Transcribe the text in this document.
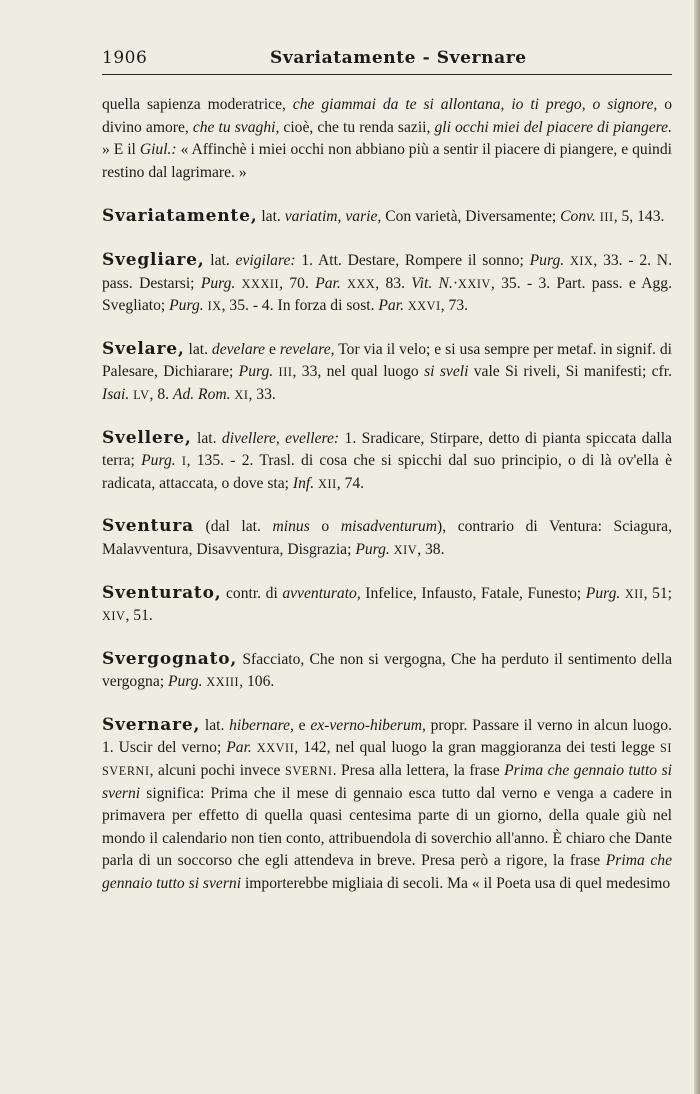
1906	Svariatamente - Svernare

quella sapienza moderatrice, che giammai da te si allontana, io ti prego, o signore, o divino amore, che tu svaghi, cioè, che tu renda sazii, gli occhi miei del piacere di piangere. » E il Giul.: « Affinchè i miei occhi non abbiano più a sentir il piacere di piangere, e quindi restino dal lagrimare. »

Svariatamente, lat. variatim, varie, Con varietà, Diversamente; Conv. III, 5, 143.

Svegliare, lat. evigilare: 1. Att. Destare, Rompere il sonno; Purg. XIX, 33. - 2. N. pass. Destarsi; Purg. XXXII, 70. Par. XXX, 83. Vit. N.·XXIV, 35. - 3. Part. pass. e Agg. Svegliato; Purg. IX, 35. - 4. In forza di sost. Par. XXVI, 73.

Svelare, lat. develare e revelare, Tor via il velo; e si usa sempre per metaf. in signif. di Palesare, Dichiarare; Purg. III, 33, nel qual luogo si sveli vale Si riveli, Si manifesti; cfr. Isai. LV, 8. Ad. Rom. XI, 33.

Svellere, lat. divellere, evellere: 1. Sradicare, Stirpare, detto di pianta spiccata dalla terra; Purg. I, 135. - 2. Trasl. di cosa che si spicchi dal suo principio, o di là ov'ella è radicata, attaccata, o dove sta; Inf. XII, 74.

Sventura (dal lat. minus o misadventurum), contrario di Ventura: Sciagura, Malavventura, Disavventura, Disgrazia; Purg. XIV, 38.

Sventurato, contr. di avventurato, Infelice, Infausto, Fatale, Funesto; Purg. XII, 51; XIV, 51.

Svergognato, Sfacciato, Che non si vergogna, Che ha perduto il sentimento della vergogna; Purg. XXIII, 106.

Svernare, lat. hibernare, e ex-verno-hiberum, propr. Passare il verno in alcun luogo. 1. Uscir del verno; Par. XXVII, 142, nel qual luogo la gran maggioranza dei testi legge SI SVERNI, alcuni pochi invece SVERNI. Presa alla lettera, la frase Prima che gennaio tutto si sverni significa: Prima che il mese di gennaio esca tutto dal verno e venga a cadere in primavera per effetto di quella quasi centesima parte di un giorno, della quale giù nel mondo il calendario non tien conto, attribuendola di soverchio all'anno. È chiaro che Dante parla di un soccorso che egli attendeva in breve. Presa però a rigore, la frase Prima che gennaio tutto si sverni importerebbe migliaia di secoli. Ma « il Poeta usa di quel medesimo
